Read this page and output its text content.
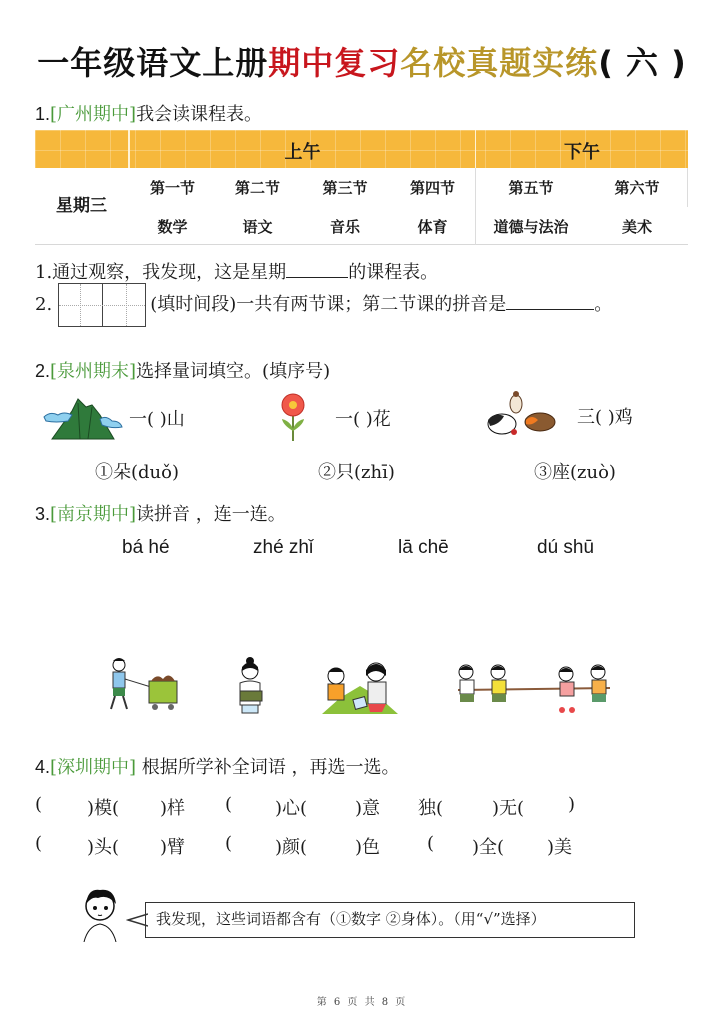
一年级语文上册期中复习名校真题实练( 六 )
1.[广州期中]我会读课程表。
上午	下午
星期三
第一节	第二节	第三节	第四节	第五节	第六节
数学	语文	音乐	体育	道德与法治	美术
1.通过观察，我发现，这是星期	的课程表。
2.	(填时间段)一共有两节课；第二节课的拼音是	。
2.[泉州期末]选择量词填空。(填序号)
一( )山	一( )花	三( )鸡
①朵(duǒ)	②只(zhī)	③座(zuò)
3.[南京期中]读拼音 ，连一连。
bá hé	zhé zhǐ	lā chē	dú shū
4.[深圳期中] 根据所学补全词语 ，再选一选。
( )模( )样 ( )心(	)意 独(	)无( )
( )头( )臂 ( )颜(	)色	( )全( )美
我发现，这些词语都含有（①数字 ②身体）。（用“√”选择）
第 6 页 共 8 页
